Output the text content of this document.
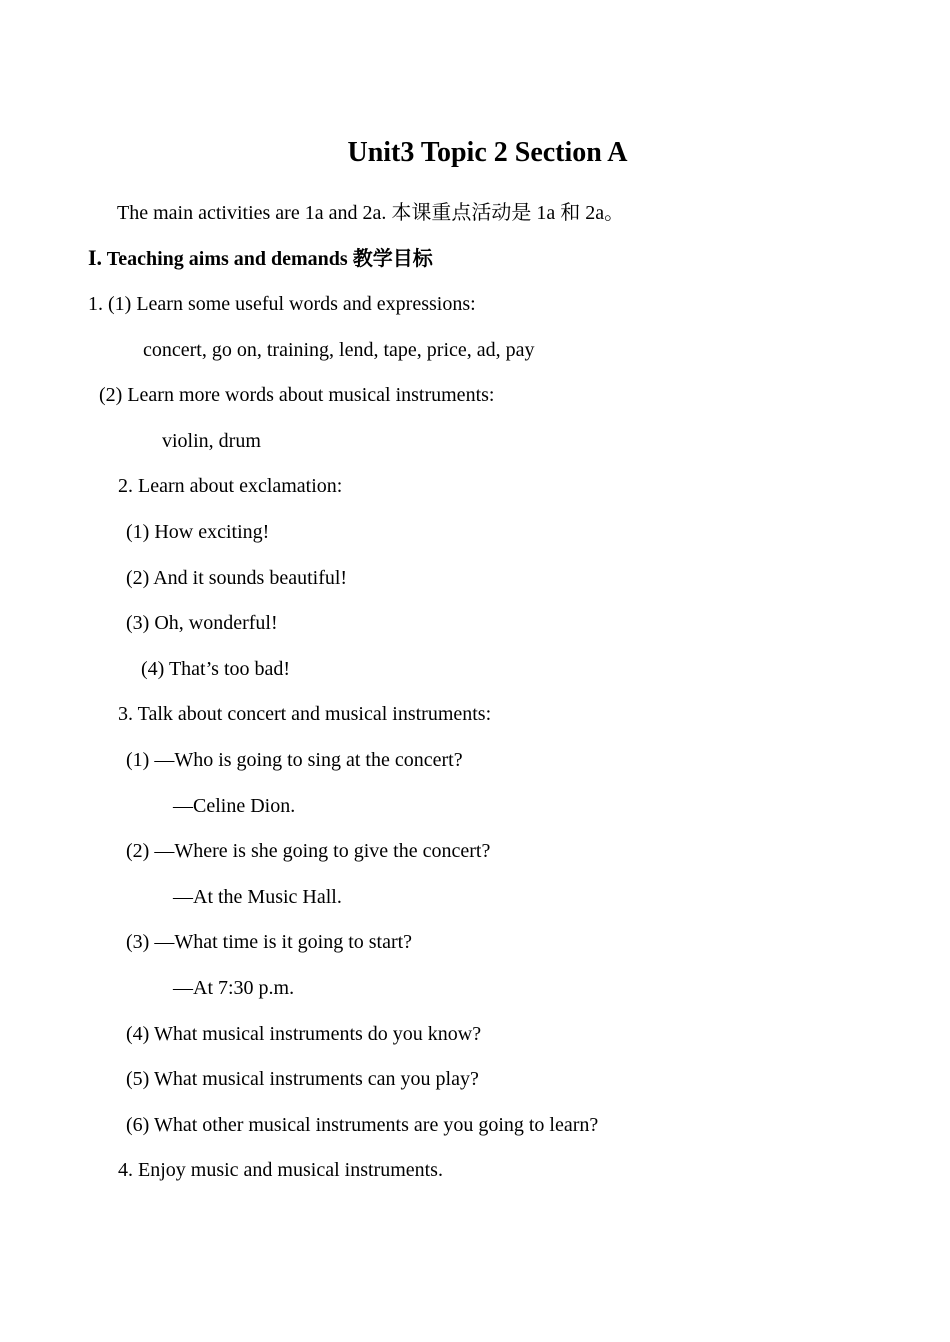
Unit3 Topic 2 Section A
The main activities are 1a and 2a. 本课重点活动是 1a 和 2a。
I. Teaching aims and demands 教学目标
1. (1) Learn some useful words and expressions:
concert, go on, training, lend, tape, price, ad, pay
(2) Learn more words about musical instruments:
violin, drum
2. Learn about exclamation:
(1) How exciting!
(2) And it sounds beautiful!
(3) Oh, wonderful!
(4) That’s too bad!
3. Talk about concert and musical instruments:
(1) —Who is going to sing at the concert?
—Celine Dion.
(2) —Where is she going to give the concert?
—At the Music Hall.
(3) —What time is it going to start?
—At 7:30 p.m.
(4) What musical instruments do you know?
(5) What musical instruments can you play?
(6) What other musical instruments are you going to learn?
4. Enjoy music and musical instruments.
